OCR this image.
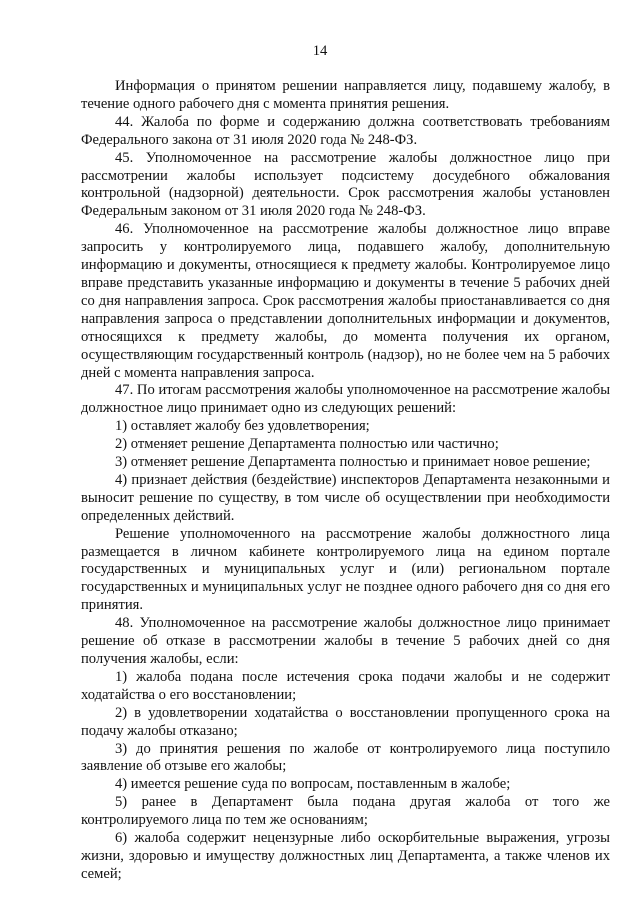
14

Информация о принятом решении направляется лицу, подавшему жалобу, в течение одного рабочего дня с момента принятия решения.

44. Жалоба по форме и содержанию должна соответствовать требованиям Федерального закона от 31 июля 2020 года № 248-ФЗ.

45. Уполномоченное на рассмотрение жалобы должностное лицо при рассмотрении жалобы использует подсистему досудебного обжалования контрольной (надзорной) деятельности. Срок рассмотрения жалобы установлен Федеральным законом от 31 июля 2020 года № 248-ФЗ.

46. Уполномоченное на рассмотрение жалобы должностное лицо вправе запросить у контролируемого лица, подавшего жалобу, дополнительную информацию и документы, относящиеся к предмету жалобы. Контролируемое лицо вправе представить указанные информацию и документы в течение 5 рабочих дней со дня направления запроса. Срок рассмотрения жалобы приостанавливается со дня направления запроса о представлении дополнительных информации и документов, относящихся к предмету жалобы, до момента получения их органом, осуществляющим государственный контроль (надзор), но не более чем на 5 рабочих дней с момента направления запроса.

47. По итогам рассмотрения жалобы уполномоченное на рассмотрение жалобы должностное лицо принимает одно из следующих решений:

1) оставляет жалобу без удовлетворения;

2) отменяет решение Департамента полностью или частично;

3) отменяет решение Департамента полностью и принимает новое решение;

4) признает действия (бездействие) инспекторов Департамента незаконными и выносит решение по существу, в том числе об осуществлении при необходимости определенных действий.

Решение уполномоченного на рассмотрение жалобы должностного лица размещается в личном кабинете контролируемого лица на едином портале государственных и муниципальных услуг и (или) региональном портале государственных и муниципальных услуг не позднее одного рабочего дня со дня его принятия.

48. Уполномоченное на рассмотрение жалобы должностное лицо принимает решение об отказе в рассмотрении жалобы в течение 5 рабочих дней со дня получения жалобы, если:

1) жалоба подана после истечения срока подачи жалобы и не содержит ходатайства о его восстановлении;

2) в удовлетворении ходатайства о восстановлении пропущенного срока на подачу жалобы отказано;

3) до принятия решения по жалобе от контролируемого лица поступило заявление об отзыве его жалобы;

4) имеется решение суда по вопросам, поставленным в жалобе;

5) ранее в Департамент была подана другая жалоба от того же контролируемого лица по тем же основаниям;

6) жалоба содержит нецензурные либо оскорбительные выражения, угрозы жизни, здоровью и имуществу должностных лиц Департамента, а также членов их семей;
